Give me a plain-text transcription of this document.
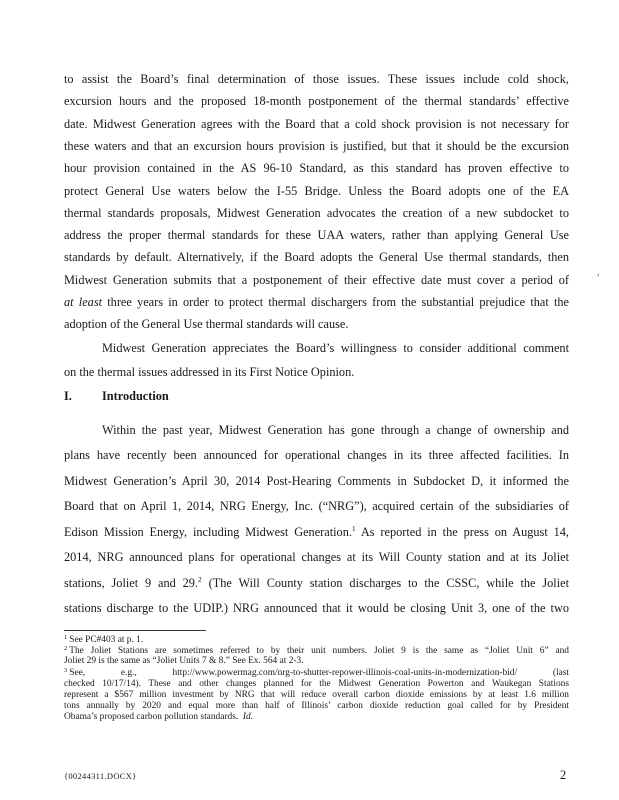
to assist the Board’s final determination of those issues. These issues include cold shock,
excursion hours and the proposed 18-month postponement of the thermal standards’ effective
date. Midwest Generation agrees with the Board that a cold shock provision is not necessary for
these waters and that an excursion hours provision is justified, but that it should be the excursion
hour provision contained in the AS 96-10 Standard, as this standard has proven effective to
protect General Use waters below the I-55 Bridge. Unless the Board adopts one of the EA
thermal standards proposals, Midwest Generation advocates the creation of a new subdocket to
address the proper thermal standards for these UAA waters, rather than applying General Use
standards by default. Alternatively, if the Board adopts the General Use thermal standards, then
Midwest Generation submits that a postponement of their effective date must cover a period of
at least three years in order to protect thermal dischargers from the substantial prejudice that the
adoption of the General Use thermal standards will cause.
I. Introduction
Within the past year, Midwest Generation has gone through a change of ownership and
plans have recently been announced for operational changes in its three affected facilities. In
Midwest Generation’s April 30, 2014 Post-Hearing Comments in Subdocket D, it informed the
Board that on April 1, 2014, NRG Energy, Inc. (“NRG”), acquired certain of the subsidiaries of
Edison Mission Energy, including Midwest Generation.$^1$ As reported in the press on August 14,
2014, NRG announced plans for operational changes at its Will County station and at its Joliet
stations, Joliet 9 and 29.$^2$ (The Will County station discharges to the CSSC, while the Joliet
stations discharge to the UDIP.) NRG announced that it would be closing Unit 3, one of the two
$^1$ See PC#403 at p. 1.
$^2$ The Joliet Stations are sometimes referred to by their unit numbers. Joliet 9 is the same as “Joliet Unit 6” and
Joliet 29 is the same as “Joliet Units 7 & 8.” See Ex. 564 at 2-3.
$^3$ See, e.g., http://www.powermag.com/nrg-to-shutter-repower-illinois-coal-units-in-modernization-bid/ (last
checked 10/17/14). These and other changes planned for the Midwest Generation Powerton and Waukegan Stations
represent a $567 million investment by NRG that will reduce overall carbon dioxide emissions by at least 1.6 million
tons annually by 2020 and equal more than half of Illinois’ carbon dioxide reduction goal called for by President
Obama’s proposed carbon pollution standards. Id.
{00244311.DOCX}	2
,
Midwest Generation appreciates the Board’s willingness to consider additional comment
on the thermal issues addressed in its First Notice Opinion.
